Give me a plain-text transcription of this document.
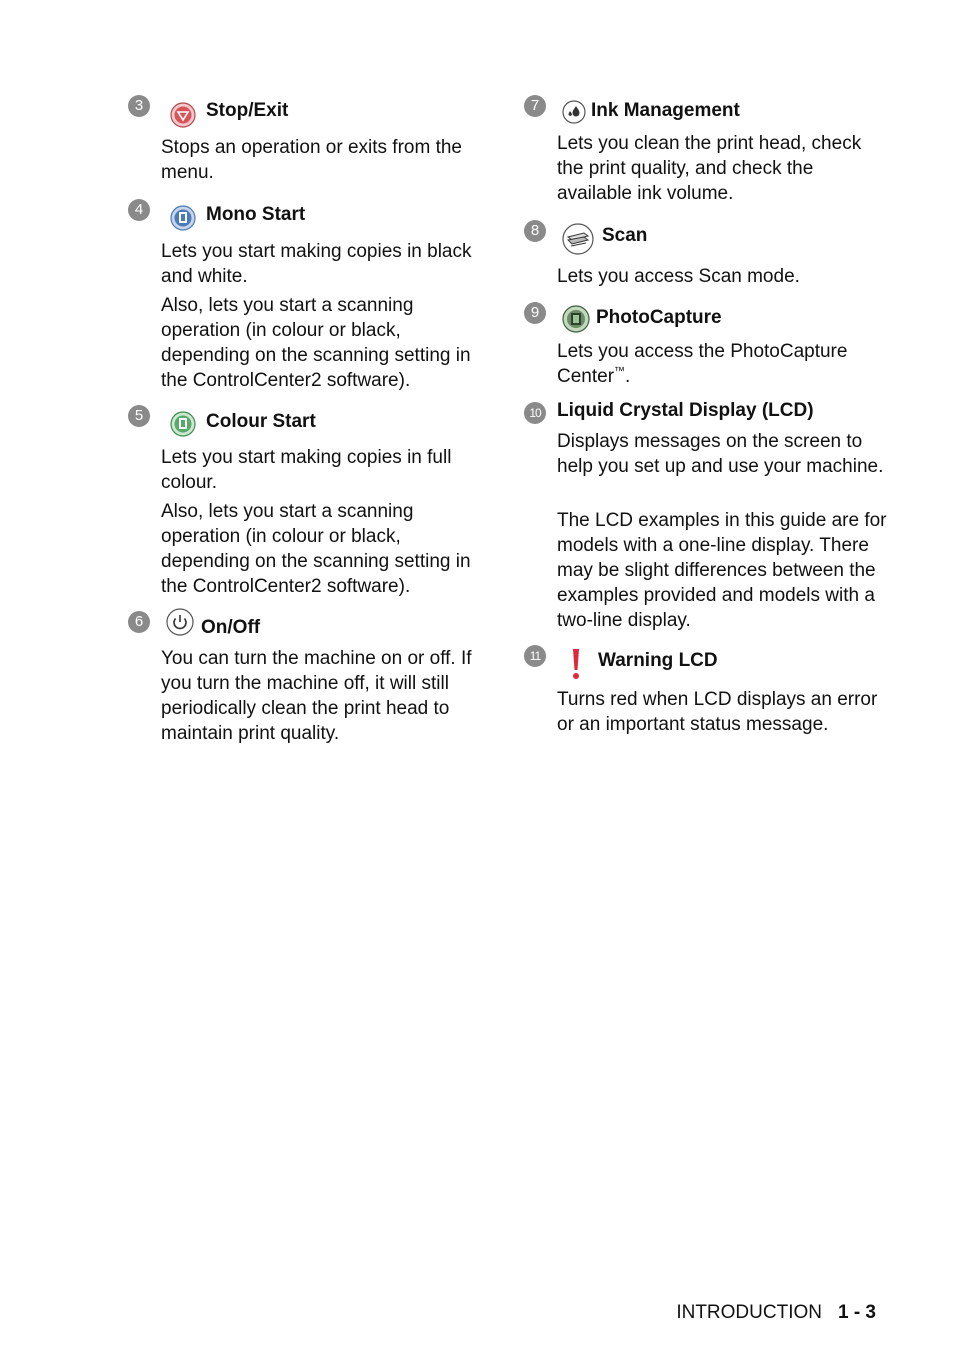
3	Stop/Exit

Stops an operation or exits from the menu.

4	Mono Start

Lets you start making copies in black and white.

Also, lets you start a scanning operation (in colour or black, depending on the scanning setting in the ControlCenter2 software).

5	Colour Start

Lets you start making copies in full colour.

Also, lets you start a scanning operation (in colour or black, depending on the scanning setting in the ControlCenter2 software).

6	On/Off

You can turn the machine on or off. If you turn the machine off, it will still periodically clean the print head to maintain print quality.

7	Ink Management

Lets you clean the print head, check the print quality, and check the available ink volume.

8	Scan

Lets you access Scan mode.

9	PhotoCapture

Lets you access the PhotoCapture Center™.

10 Liquid Crystal Display (LCD)

Displays messages on the screen to help you set up and use your machine.

The LCD examples in this guide are for models with a one-line display. There may be slight differences between the examples provided and models with a two-line display.

11	Warning LCD

Turns red when LCD displays an error or an important status message.

INTRODUCTION 1 - 3
